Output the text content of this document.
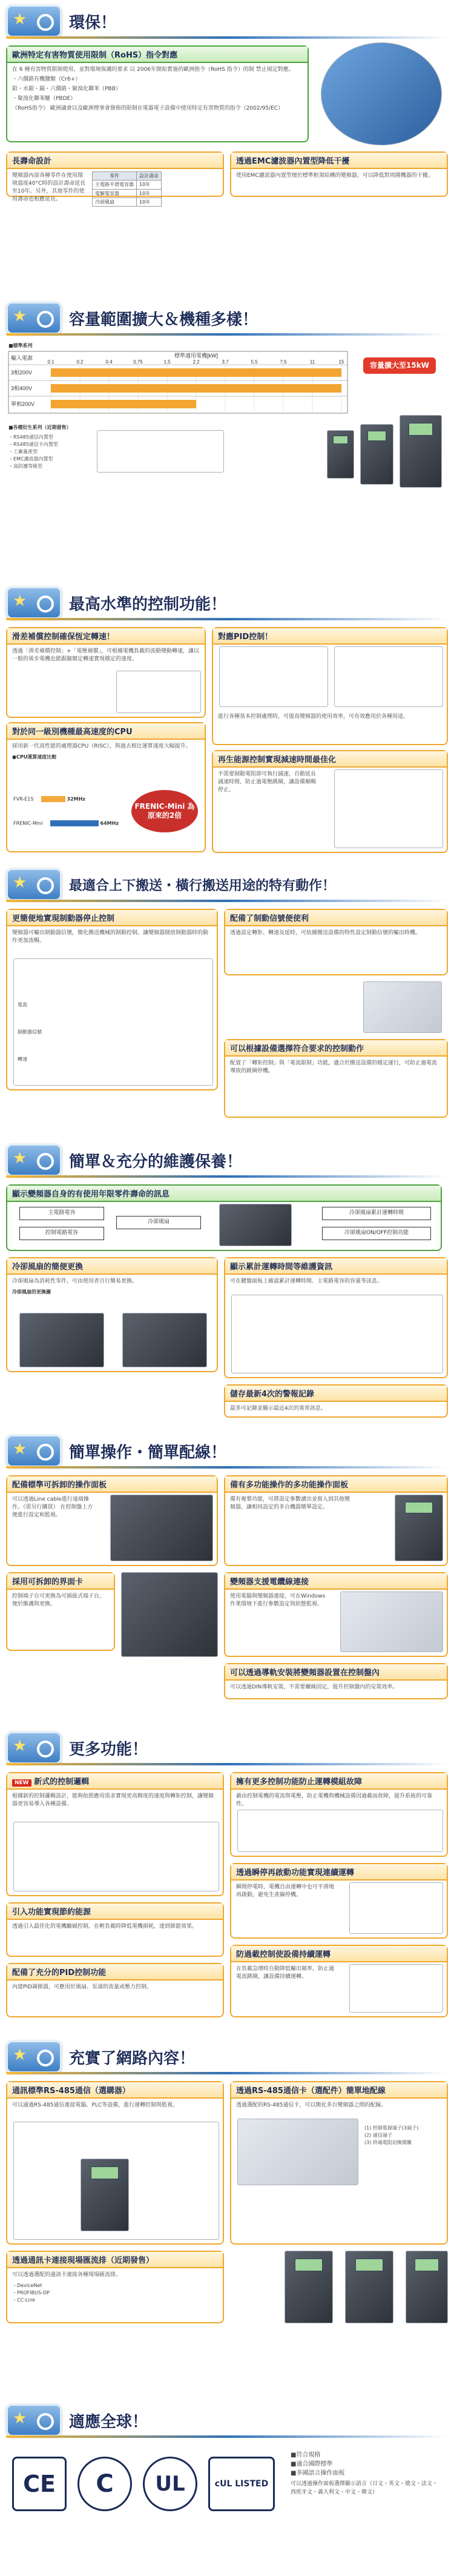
★	環保！
歐洲特定有害物質使用限制（RoHS）指令對應

在 6 種有害物質限制使用，並對環境保護的要求 以 2006年開始實施的歐洲指令（RoHS 指令）的制 禁止規定對應。

・六價鉻有機鹽類（Cr6+）

鉛・水銀・鎘・六價鉻・聚溴化聯苯（PBB）

・聚溴化聯苯醚（PBDE）

《RoHS指令》 歐洲議會以及歐洲理事會發佈的限制在電器電子設備中使用特定有害物質的指令（2002/95/EC）

長壽命設計
變頻器內部各種零件在使用環境溫度40°C時的設計壽命延長至10年。另外，其他零件的使用壽命也相應延長。
零件	設計壽命
主電路平滑電容器	10年
電解電容器	10年
冷卻風扇	10年
透過EMC濾波器內置型降低干擾
使用EMC濾波器內置型便於標準框架結構的變頻器，可以降低對周圍機器的干擾。
★	容量範圍擴大＆機種多樣！
■標準系列
輸入電源	標準適用電機[kW]
0.1	0.2	0.4	0.75	1.5	2.2	3.7	5.5	7.5	11	15
3相200V
3相400V
單相200V
容量擴大至15kW
■各種衍生系列（近期發售）
・RS485通信內置型
・RS485通信卡內置型
・工廠量產型
・EMC濾波器內置型
・高防護等級型
★	最高水準的控制功能！
滑差補償控制確保恆定轉速！
透過「滑差補償控制」+「電壓補償」，可根據電機負載的波動變動轉速，讓以一般的異步電機也能跟隨額定轉速實現穩定的速度。
對應PID控制！
進行各種基本控制處理時，可提高變頻器的使用效率，可有效應用於各種用途。
對於同一級別機種最高速度的CPU
採用新一代高性能的處理器CPU（RISC），與過去相比運算速度大幅提升。
●CPU運算速度比較
FVR-E1S	32MHz
FRENIC-Mini	64MHz
FRENIC-Mini 為原來的2倍
再生能源控制實現減速時間最佳化
不需要制動電阻即可執行減速，自動延長減速時間，防止過電壓跳閘，讓設備順暢停止。
★	最適合上下搬送・橫行搬送用途的特有動作！
更簡便地實現制動器停止控制
變頻器可輸出制動器信號，簡化搬送機械的制動控制。讓變頻器開放制動器時的動作更加流暢。
電流
制動器信號
轉速
配備了制動信號便使利
透過設定轉矩、轉速及延時，可依據搬送設備的特性設定制動信號的輸出時機。
可以根據設備選擇符合要求的控制動作
配置了「轉矩控制」與「電流限制」功能，適合於搬送設備的穩定運行，可防止過電流導致的跳閘停機。
★	簡單＆充分的維護保養！
顯示變頻器自身的有使用年限零件壽命的訊息
主電路電容
控制電路電容
冷卻風扇
冷卻風扇累計運轉時間
冷卻風扇ON/OFF控制功能
冷卻風扇的簡便更換
冷卻風扇為消耗性零件，可由使用者自行簡易更換。
冷卻風扇的更換圖
顯示累計運轉時間等維護資訊
可在鍵盤面板上確認累計運轉時間、主電路電容的容量等訊息。
儲存最新4次的警報記錄
最多可記錄並顯示最近4次的異常訊息。
★	簡單操作・簡單配線！
配備標準可拆卸的操作面板
可以透過Line cable進行遠端操作。（需另行購買） 在控制盤上方便進行設定和監視。
備有多功能操作的多功能操作面板
備有複製功能，可將設定參數讀出並寫入到其他變頻器，讓相同設定的多台機器簡單設定。
採用可拆卸的界面卡
控制端子台可更換為可插拔式端子台，便於維護與更換。
變頻器支援電纜線連接
使用電腦與變頻器連接，可在Windows作業環境下進行參數設定與狀態監視。
可以透過導軌安裝將變頻器設置在控制盤內
可以透過DIN導軌安裝，不需要螺絲固定，提升控制盤內的安裝效率。
★	更多功能！
NEW 新式的控制邏輯
根據新的控制邏輯設計，能夠依照應用需求實現更高精度的速度與轉矩控制，讓變頻器更容易導入各種設備。
擁有更多控制功能防止運轉模組故障
藉由控制電機的電流與電壓，防止電機與機械設備因過載而故障，提升系統的可靠性。
引入功能實現節約能源
透過引入最佳化的電機勵磁控制，在輕負載時降低電機損耗，達到節能效果。
透過瞬停再啟動功能實現連續運轉
瞬間停電時，電機自由運轉中也可平滑地再啟動，避免生產線停機。
配備了充分的PID控制功能
內建PID調節器，可應用於風扇、泵浦的流量或壓力控制。
防過載控制使設備持續運轉
在負載急增時自動降低輸出頻率，防止過電流跳閘，讓設備持續運轉。
★	充實了網路內容！
通訊標準RS-485通信（選購器）
可以通過RS-485通信連接電腦、PLC等設備，進行運轉控制與監視。
透過RS-485通信卡（選配件）簡單地配線
透過選配的RS-485通信卡，可以簡化多台變頻器之間的配線。
(1) 控制電源端子(3端子)
(2) 通信端子
(3) 終端電阻切換開關
透過通訊卡連接現場匯流排（近期發售）
可以透過選配的通訊卡連接各種現場匯流排。
・DeviceNet
・PROFIBUS-DP
・CC-Link
★	適應全球！
CE	C	UL	cUL LISTED
■符合規格
■適合國際標準
■多國語言操作面板
可以透過操作面板選擇顯示語言（日文・英文・德文・法文・西班牙文・義大利文・中文・韓文）
